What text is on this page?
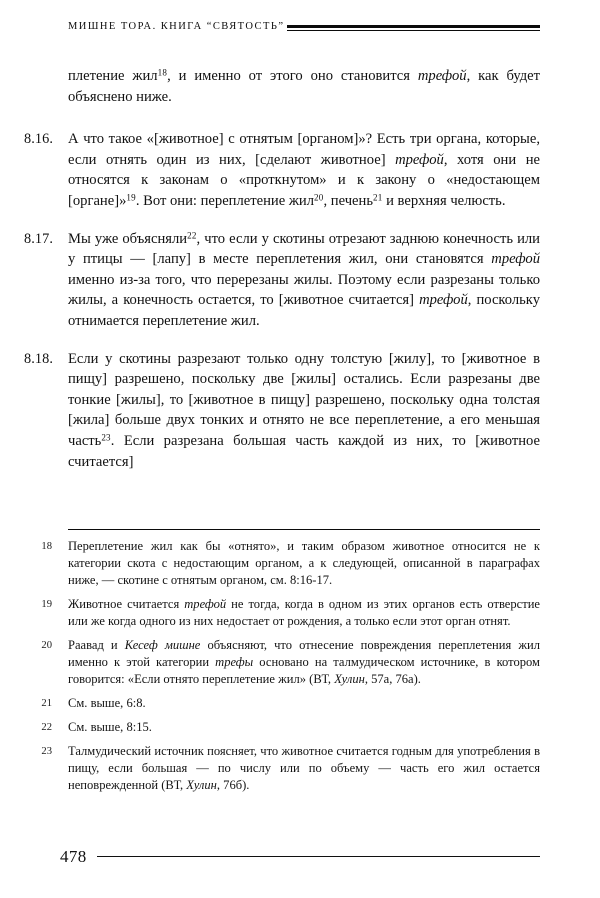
МИШНЕ ТОРА. КНИГА “СВЯТОСТЬ”
плетение жил$^{18}$, и именно от этого оно становится трефой, как будет объяснено ниже.
8.16.	А что такое «[животное] с отнятым [органом]»? Есть три органа, которые, если отнять один из них, [сделают животное] трефой, хотя они не относятся к законам о «проткнутом» и к закону о «недостающем [органе]»$^{19}$. Вот они: переплетение жил$^{20}$, печень$^{21}$ и верхняя челюсть.
8.17.	Мы уже объясняли$^{22}$, что если у скотины отрезают заднюю конечность или у птицы — [лапу] в месте переплетения жил, они становятся трефой именно из-за того, что перерезаны жилы. Поэтому если разрезаны только жилы, а конечность остается, то [животное считается] трефой, поскольку отнимается переплетение жил.
8.18.	Если у скотины разрезают только одну толстую [жилу], то [животное в пищу] разрешено, поскольку две [жилы] остались. Если разрезаны две тонкие [жилы], то [животное в пищу] разрешено, поскольку одна толстая [жила] больше двух тонких и отнято не все переплетение, а его меньшая часть$^{23}$. Если разрезана большая часть каждой из них, то [животное считается]
18	Переплетение жил как бы «отнято», и таким образом животное относится не к категории скота с недостающим органом, а к следующей, описанной в параграфах ниже, — скотине с отнятым органом, см. 8:16-17.
19	Животное считается трефой не тогда, когда в одном из этих органов есть отверстие или же когда одного из них недостает от рождения, а только если этот орган отнят.
20	Раавад и Кесеф мишне объясняют, что отнесение повреждения переплетения жил именно к этой категории трефы основано на талмудическом источнике, в котором говорится: «Если отнято переплетение жил» (ВТ, Хулин, 57а, 76а).
21	См. выше, 6:8.
22	См. выше, 8:15.
23	Талмудический источник поясняет, что животное считается годным для употребления в пищу, если большая — по числу или по объему — часть его жил остается неповрежденной (ВТ, Хулин, 76б).
478
